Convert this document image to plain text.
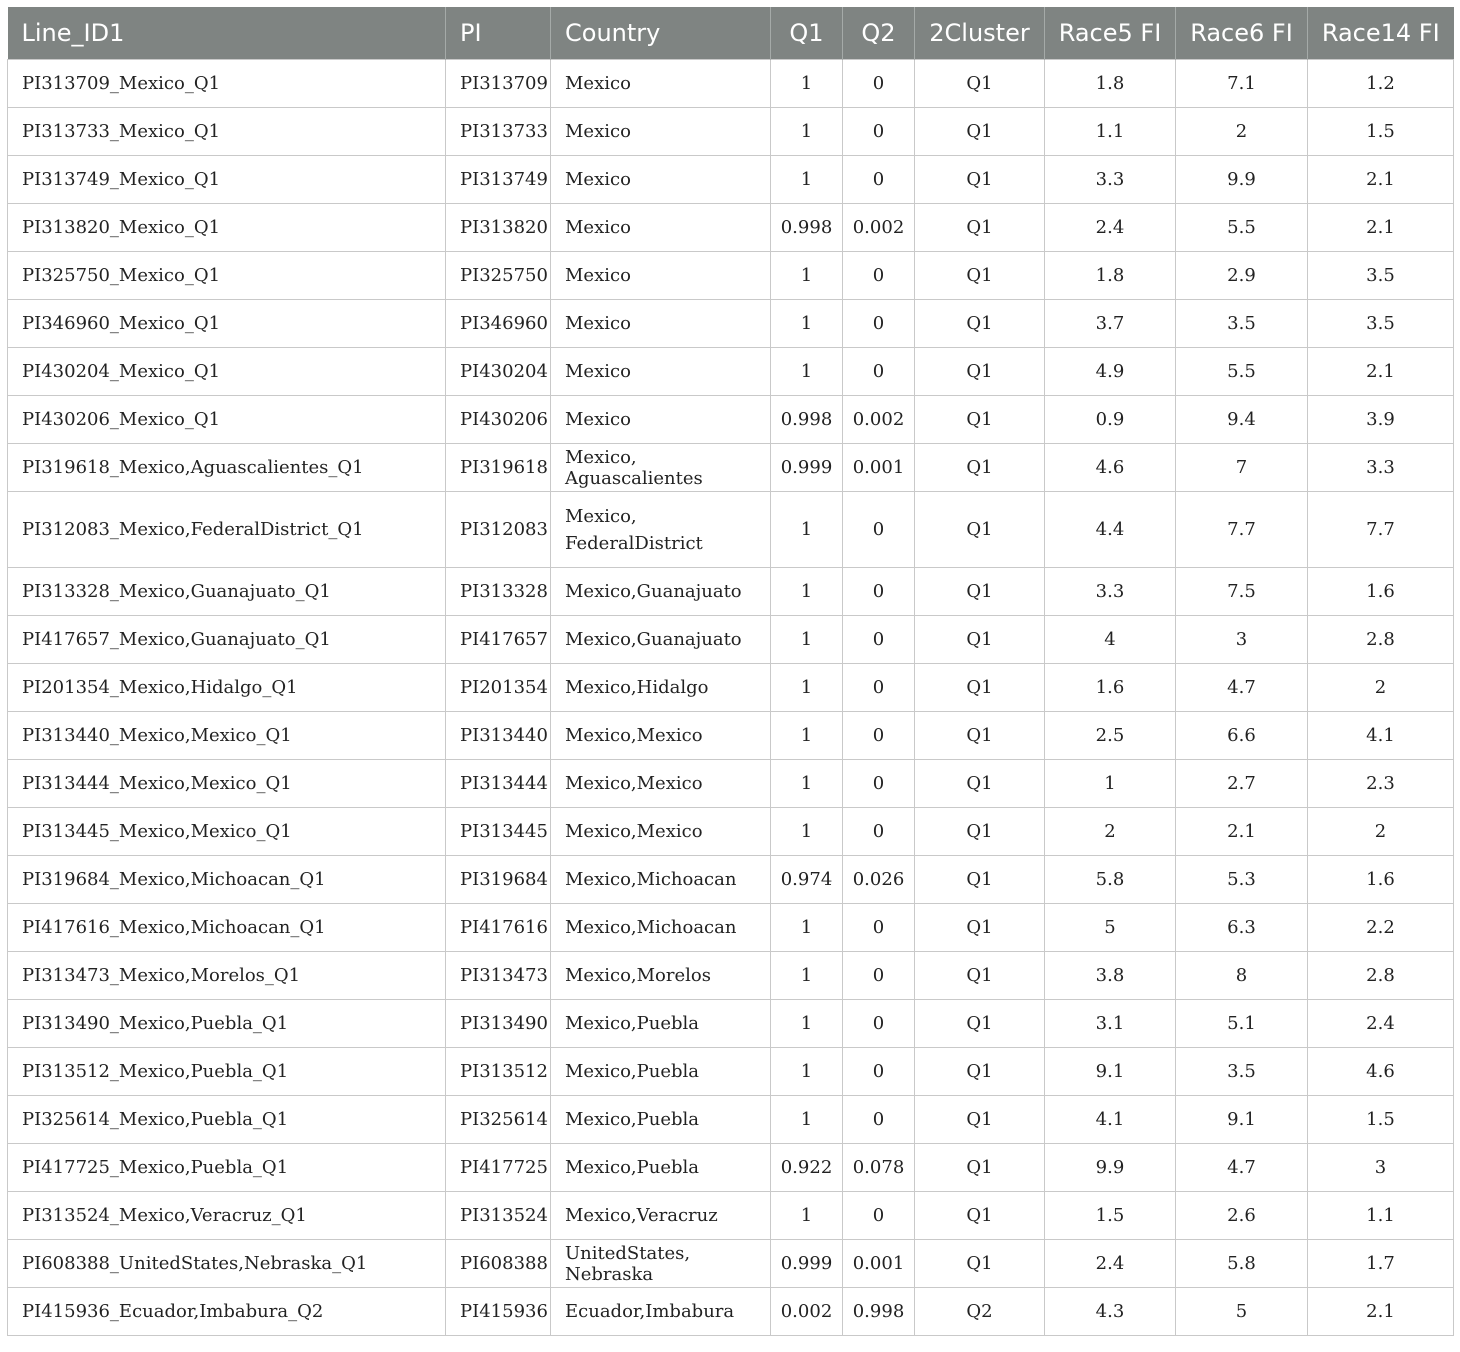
Line_ID1	PI	Country	Q1	Q2	2Cluster	Race5 FI	Race6 FI	Race14 FI
PI313709_Mexico_Q1	PI313709	Mexico	1	0	Q1	1.8	7.1	1.2
PI313733_Mexico_Q1	PI313733	Mexico	1	0	Q1	1.1	2	1.5
PI313749_Mexico_Q1	PI313749	Mexico	1	0	Q1	3.3	9.9	2.1
PI313820_Mexico_Q1	PI313820	Mexico	0.998	0.002	Q1	2.4	5.5	2.1
PI325750_Mexico_Q1	PI325750	Mexico	1	0	Q1	1.8	2.9	3.5
PI346960_Mexico_Q1	PI346960	Mexico	1	0	Q1	3.7	3.5	3.5
PI430204_Mexico_Q1	PI430204	Mexico	1	0	Q1	4.9	5.5	2.1
PI430206_Mexico_Q1	PI430206	Mexico	0.998	0.002	Q1	0.9	9.4	3.9
PI319618_Mexico,Aguascalientes_Q1	PI319618	Mexico, Aguascalientes	0.999	0.001	Q1	4.6	7	3.3
PI312083_Mexico,FederalDistrict_Q1	PI312083	Mexico, FederalDistrict	1	0	Q1	4.4	7.7	7.7
PI313328_Mexico,Guanajuato_Q1	PI313328	Mexico,Guanajuato	1	0	Q1	3.3	7.5	1.6
PI417657_Mexico,Guanajuato_Q1	PI417657	Mexico,Guanajuato	1	0	Q1	4	3	2.8
PI201354_Mexico,Hidalgo_Q1	PI201354	Mexico,Hidalgo	1	0	Q1	1.6	4.7	2
PI313440_Mexico,Mexico_Q1	PI313440	Mexico,Mexico	1	0	Q1	2.5	6.6	4.1
PI313444_Mexico,Mexico_Q1	PI313444	Mexico,Mexico	1	0	Q1	1	2.7	2.3
PI313445_Mexico,Mexico_Q1	PI313445	Mexico,Mexico	1	0	Q1	2	2.1	2
PI319684_Mexico,Michoacan_Q1	PI319684	Mexico,Michoacan	0.974	0.026	Q1	5.8	5.3	1.6
PI417616_Mexico,Michoacan_Q1	PI417616	Mexico,Michoacan	1	0	Q1	5	6.3	2.2
PI313473_Mexico,Morelos_Q1	PI313473	Mexico,Morelos	1	0	Q1	3.8	8	2.8
PI313490_Mexico,Puebla_Q1	PI313490	Mexico,Puebla	1	0	Q1	3.1	5.1	2.4
PI313512_Mexico,Puebla_Q1	PI313512	Mexico,Puebla	1	0	Q1	9.1	3.5	4.6
PI325614_Mexico,Puebla_Q1	PI325614	Mexico,Puebla	1	0	Q1	4.1	9.1	1.5
PI417725_Mexico,Puebla_Q1	PI417725	Mexico,Puebla	0.922	0.078	Q1	9.9	4.7	3
PI313524_Mexico,Veracruz_Q1	PI313524	Mexico,Veracruz	1	0	Q1	1.5	2.6	1.1
PI608388_UnitedStates,Nebraska_Q1	PI608388	UnitedStates, Nebraska	0.999	0.001	Q1	2.4	5.8	1.7
PI415936_Ecuador,Imbabura_Q2	PI415936	Ecuador,Imbabura	0.002	0.998	Q2	4.3	5	2.1
